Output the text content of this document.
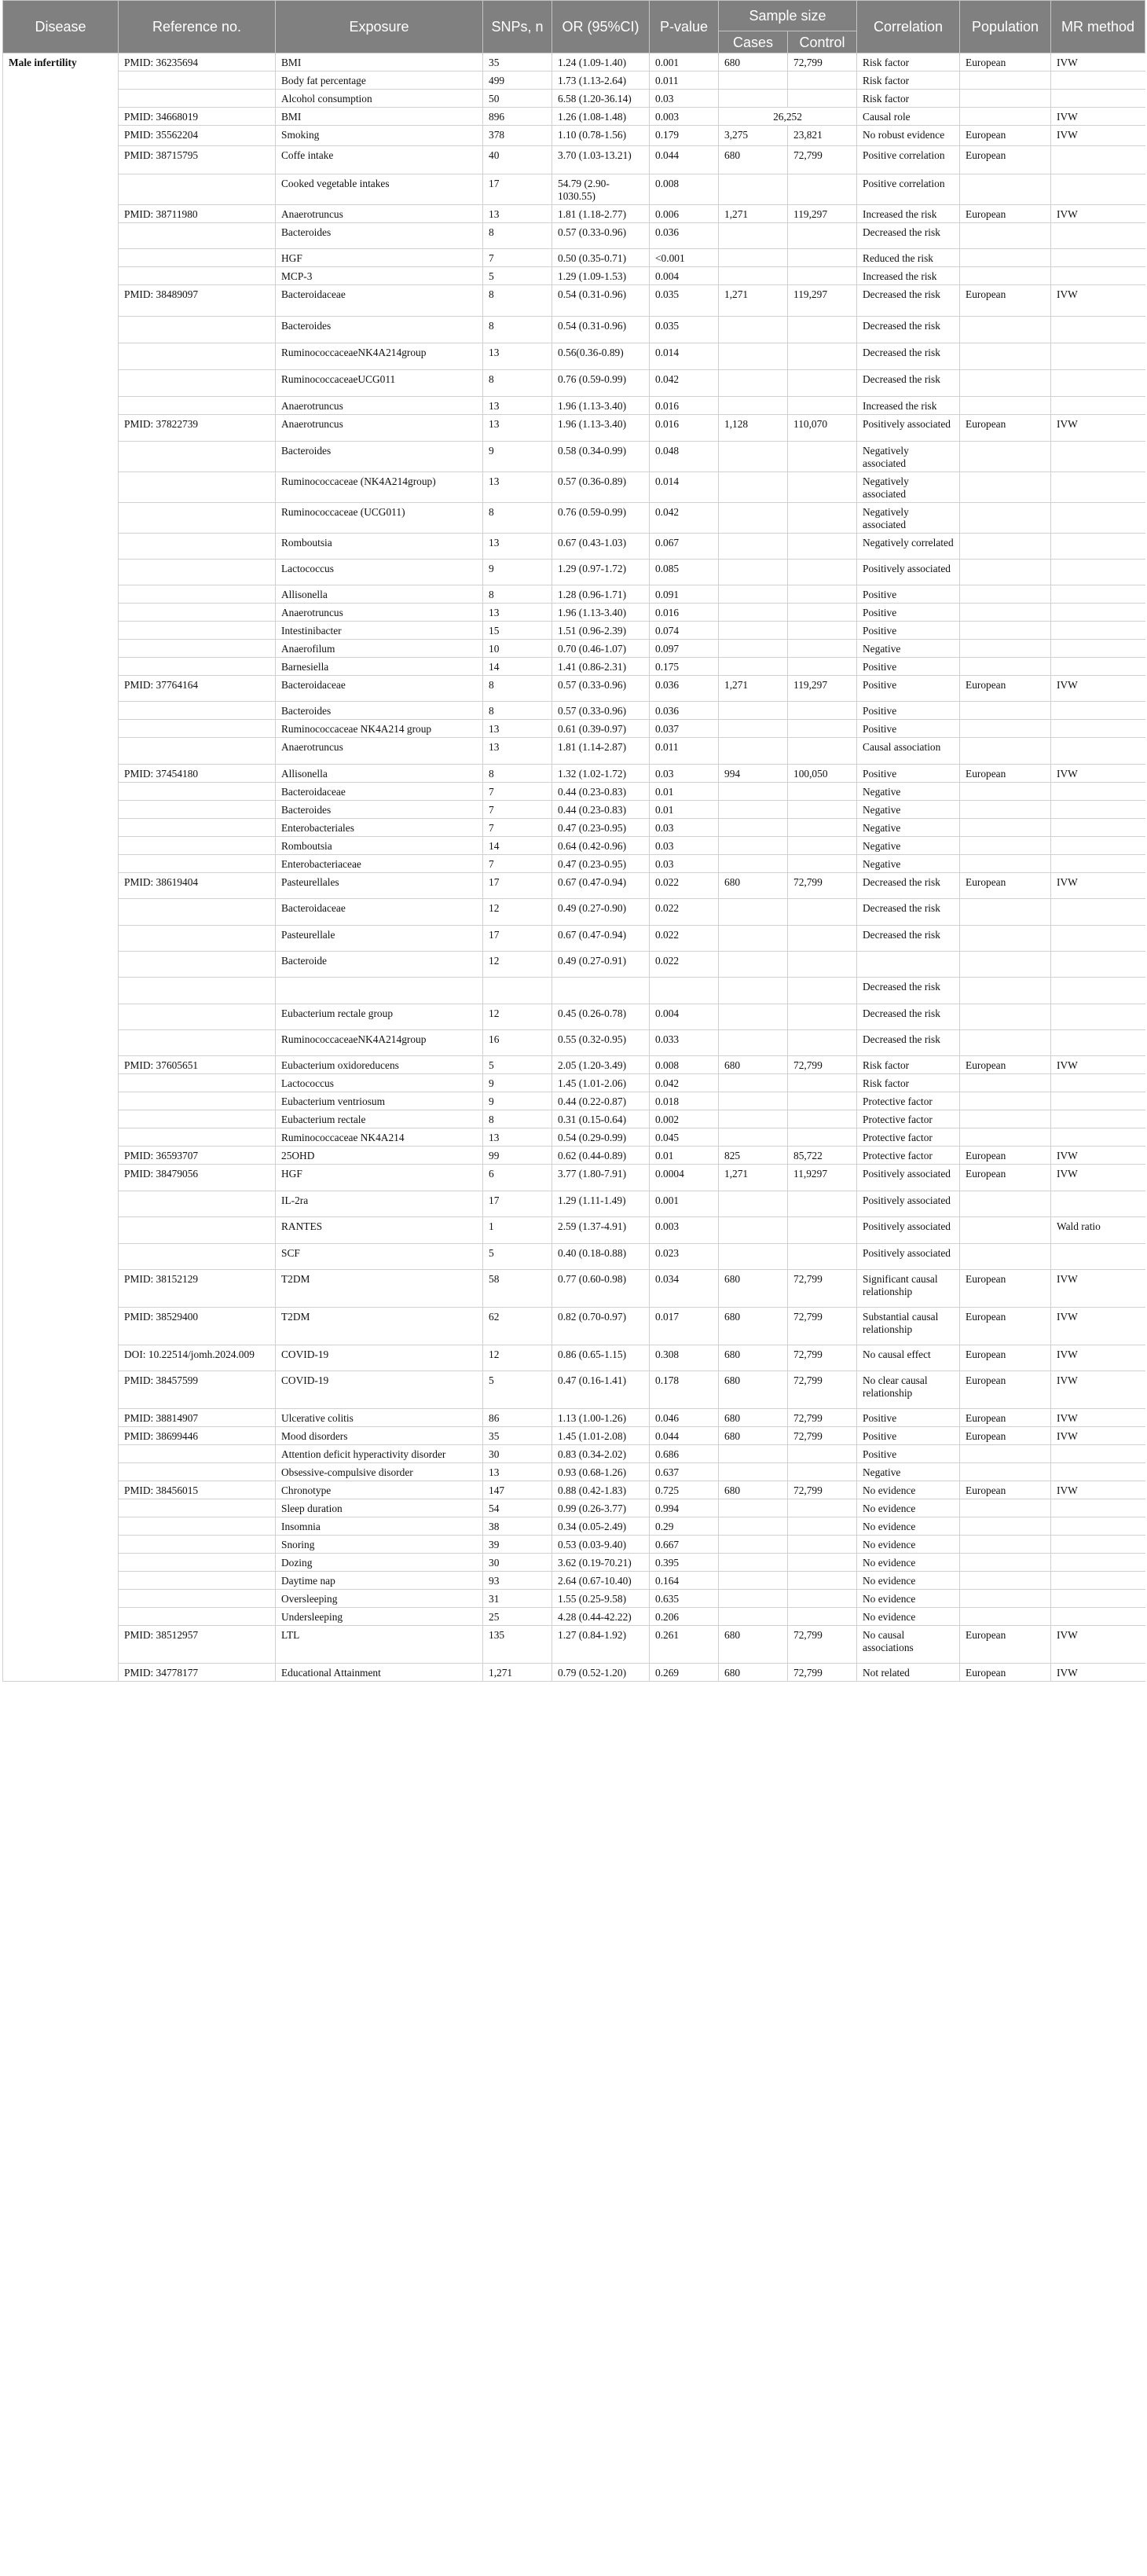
Disease	Reference no.	Exposure	SNPs, n	OR (95%CI)	P-value	Sample size		Correlation	Population	MR method
						Cases	Control			
Male infertility	PMID: 36235694	BMI	35	1.24 (1.09-1.40)	0.001	680	72,799	Risk factor	European	IVW
		Body fat percentage	499	1.73 (1.13-2.64)	0.011			Risk factor		
		Alcohol consumption	50	6.58 (1.20-36.14)	0.03			Risk factor		
	PMID: 34668019	BMI	896	1.26 (1.08-1.48)	0.003	26,252		Causal role		IVW
	PMID: 35562204	Smoking	378	1.10 (0.78-1.56)	0.179	3,275	23,821	No robust evidence	European	IVW
	PMID: 38715795	Coffe intake	40	3.70 (1.03-13.21)	0.044	680	72,799	Positive correlation	European	
		Cooked vegetable intakes	17	54.79 (2.90-1030.55)	0.008			Positive correlation		
	PMID: 38711980	Anaerotruncus	13	1.81 (1.18-2.77)	0.006	1,271	119,297	Increased the risk	European	IVW
		Bacteroides	8	0.57 (0.33-0.96)	0.036			Decreased the risk		
		HGF	7	0.50 (0.35-0.71)	<0.001			Reduced the risk		
		MCP-3	5	1.29 (1.09-1.53)	0.004			Increased the risk		
	PMID: 38489097	Bacteroidaceae	8	0.54 (0.31-0.96)	0.035	1,271	119,297	Decreased the risk	European	IVW
		Bacteroides	8	0.54 (0.31-0.96)	0.035			Decreased the risk		
		RuminococcaceaeNK4A214group	13	0.56(0.36-0.89)	0.014			Decreased the risk		
		RuminococcaceaeUCG011	8	0.76 (0.59-0.99)	0.042			Decreased the risk		
		Anaerotruncus	13	1.96 (1.13-3.40)	0.016			Increased the risk		
	PMID: 37822739	Anaerotruncus	13	1.96 (1.13-3.40)	0.016	1,128	110,070	Positively associated	European	IVW
		Bacteroides	9	0.58 (0.34-0.99)	0.048			Negatively associated		
		Ruminococcaceae (NK4A214group)	13	0.57 (0.36-0.89)	0.014			Negatively associated		
		Ruminococcaceae (UCG011)	8	0.76 (0.59-0.99)	0.042			Negatively associated		
		Romboutsia	13	0.67 (0.43-1.03)	0.067			Negatively correlated		
		Lactococcus	9	1.29 (0.97-1.72)	0.085			Positively associated		
		Allisonella	8	1.28 (0.96-1.71)	0.091			Positive		
		Anaerotruncus	13	1.96 (1.13-3.40)	0.016			Positive		
		Intestinibacter	15	1.51 (0.96-2.39)	0.074			Positive		
		Anaerofilum	10	0.70 (0.46-1.07)	0.097			Negative		
		Barnesiella	14	1.41 (0.86-2.31)	0.175			Positive		
	PMID: 37764164	Bacteroidaceae	8	0.57 (0.33-0.96)	0.036	1,271	119,297	Positive	European	IVW
		Bacteroides	8	0.57 (0.33-0.96)	0.036			Positive		
		Ruminococcaceae NK4A214 group	13	0.61 (0.39-0.97)	0.037			Positive		
		Anaerotruncus	13	1.81 (1.14-2.87)	0.011			Causal association		
	PMID: 37454180	Allisonella	8	1.32 (1.02-1.72)	0.03	994	100,050	Positive	European	IVW
		Bacteroidaceae	7	0.44 (0.23-0.83)	0.01			Negative		
		Bacteroides	7	0.44 (0.23-0.83)	0.01			Negative		
		Enterobacteriales	7	0.47 (0.23-0.95)	0.03			Negative		
		Romboutsia	14	0.64 (0.42-0.96)	0.03			Negative		
		Enterobacteriaceae	7	0.47 (0.23-0.95)	0.03			Negative		
	PMID: 38619404	Pasteurellales	17	0.67 (0.47-0.94)	0.022	680	72,799	Decreased the risk	European	IVW
		Bacteroidaceae	12	0.49 (0.27-0.90)	0.022			Decreased the risk		
		Pasteurellale	17	0.67 (0.47-0.94)	0.022			Decreased the risk		
		Bacteroide	12	0.49 (0.27-0.91)	0.022					
								Decreased the risk		
		Eubacterium rectale group	12	0.45 (0.26-0.78)	0.004			Decreased the risk		
		RuminococcaceaeNK4A214group	16	0.55 (0.32-0.95)	0.033			Decreased the risk		
	PMID: 37605651	Eubacterium oxidoreducens	5	2.05 (1.20-3.49)	0.008	680	72,799	Risk factor	European	IVW
		Lactococcus	9	1.45 (1.01-2.06)	0.042			Risk factor		
		Eubacterium ventriosum	9	0.44 (0.22-0.87)	0.018			Protective factor		
		Eubacterium rectale	8	0.31 (0.15-0.64)	0.002			Protective factor		
		Ruminococcaceae NK4A214	13	0.54 (0.29-0.99)	0.045			Protective factor		
	PMID: 36593707	25OHD	99	0.62 (0.44-0.89)	0.01	825	85,722	Protective factor	European	IVW
	PMID: 38479056	HGF	6	3.77 (1.80-7.91)	0.0004	1,271	11,9297	Positively associated	European	IVW
		IL-2ra	17	1.29 (1.11-1.49)	0.001			Positively associated		
		RANTES	1	2.59 (1.37-4.91)	0.003			Positively associated		Wald ratio
		SCF	5	0.40 (0.18-0.88)	0.023			Positively associated		
	PMID: 38152129	T2DM	58	0.77 (0.60-0.98)	0.034	680	72,799	Significant causal relationship	European	IVW
	PMID: 38529400	T2DM	62	0.82 (0.70-0.97)	0.017	680	72,799	Substantial causal relationship	European	IVW
	DOI: 10.22514/jomh.2024.009	COVID-19	12	0.86 (0.65-1.15)	0.308	680	72,799	No causal effect	European	IVW
	PMID: 38457599	COVID-19	5	0.47 (0.16-1.41)	0.178	680	72,799	No clear causal relationship	European	IVW
	PMID: 38814907	Ulcerative colitis	86	1.13 (1.00-1.26)	0.046	680	72,799	Positive	European	IVW
	PMID: 38699446	Mood disorders	35	1.45 (1.01-2.08)	0.044	680	72,799	Positive	European	IVW
		Attention deficit hyperactivity disorder	30	0.83 (0.34-2.02)	0.686			Positive		
		Obsessive-compulsive disorder	13	0.93 (0.68-1.26)	0.637			Negative		
	PMID: 38456015	Chronotype	147	0.88 (0.42-1.83)	0.725	680	72,799	No evidence	European	IVW
		Sleep duration	54	0.99 (0.26-3.77)	0.994			No evidence		
		Insomnia	38	0.34 (0.05-2.49)	0.29			No evidence		
		Snoring	39	0.53 (0.03-9.40)	0.667			No evidence		
		Dozing	30	3.62 (0.19-70.21)	0.395			No evidence		
		Daytime nap	93	2.64 (0.67-10.40)	0.164			No evidence		
		Oversleeping	31	1.55 (0.25-9.58)	0.635			No evidence		
		Undersleeping	25	4.28 (0.44-42.22)	0.206			No evidence		
	PMID: 38512957	LTL	135	1.27 (0.84-1.92)	0.261	680	72,799	No causal associations	European	IVW
	PMID: 34778177	Educational Attainment	1,271	0.79 (0.52-1.20)	0.269	680	72,799	Not related	European	IVW
